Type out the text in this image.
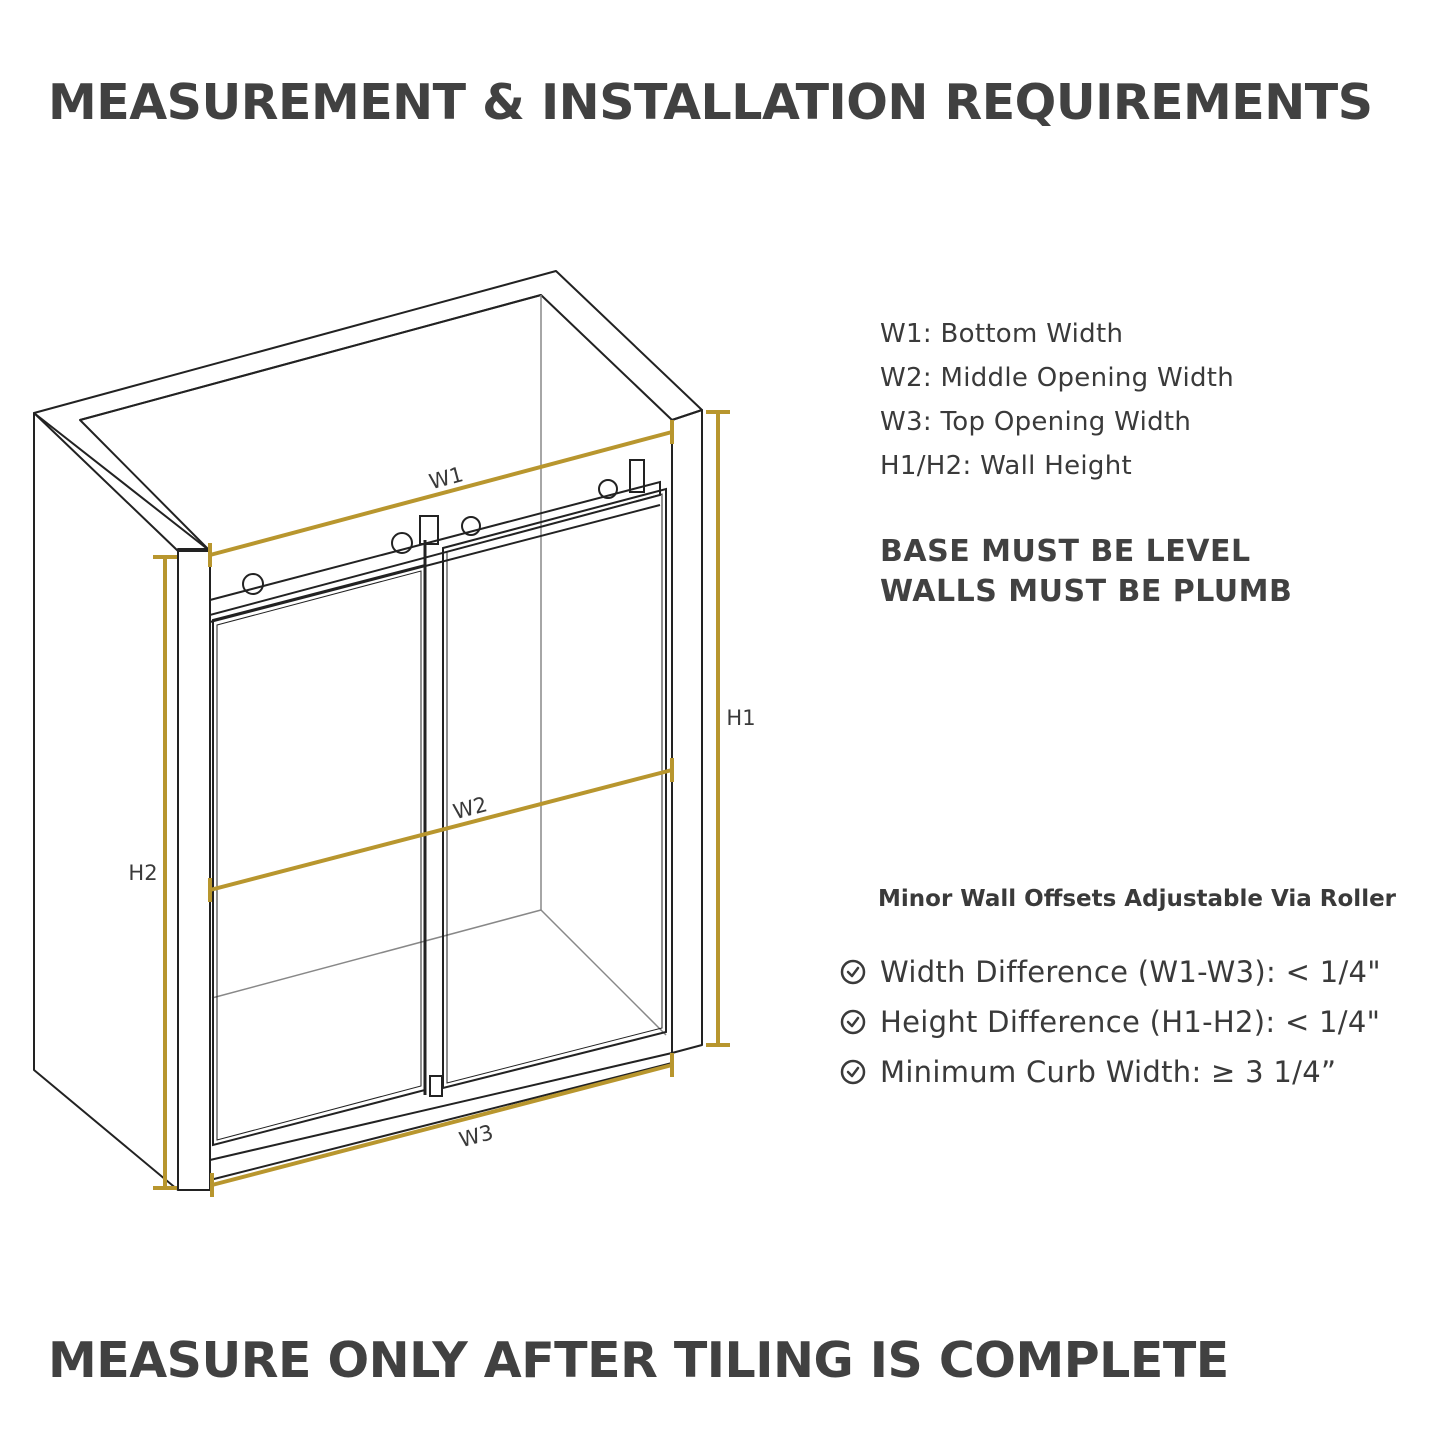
MEASUREMENT & INSTALLATION REQUIREMENTS
W1
W2
W3
H1
H2
W1: Bottom Width
W2: Middle Opening Width
W3: Top Opening Width
H1/H2: Wall Height
BASE MUST BE LEVEL
WALLS MUST BE PLUMB
Minor Wall Offsets Adjustable Via Roller
Width Difference (W1-W3): < 1/4"
Height Difference (H1-H2): < 1/4"
Minimum Curb Width: ≥ 3 1/4”
MEASURE ONLY AFTER TILING IS COMPLETE
